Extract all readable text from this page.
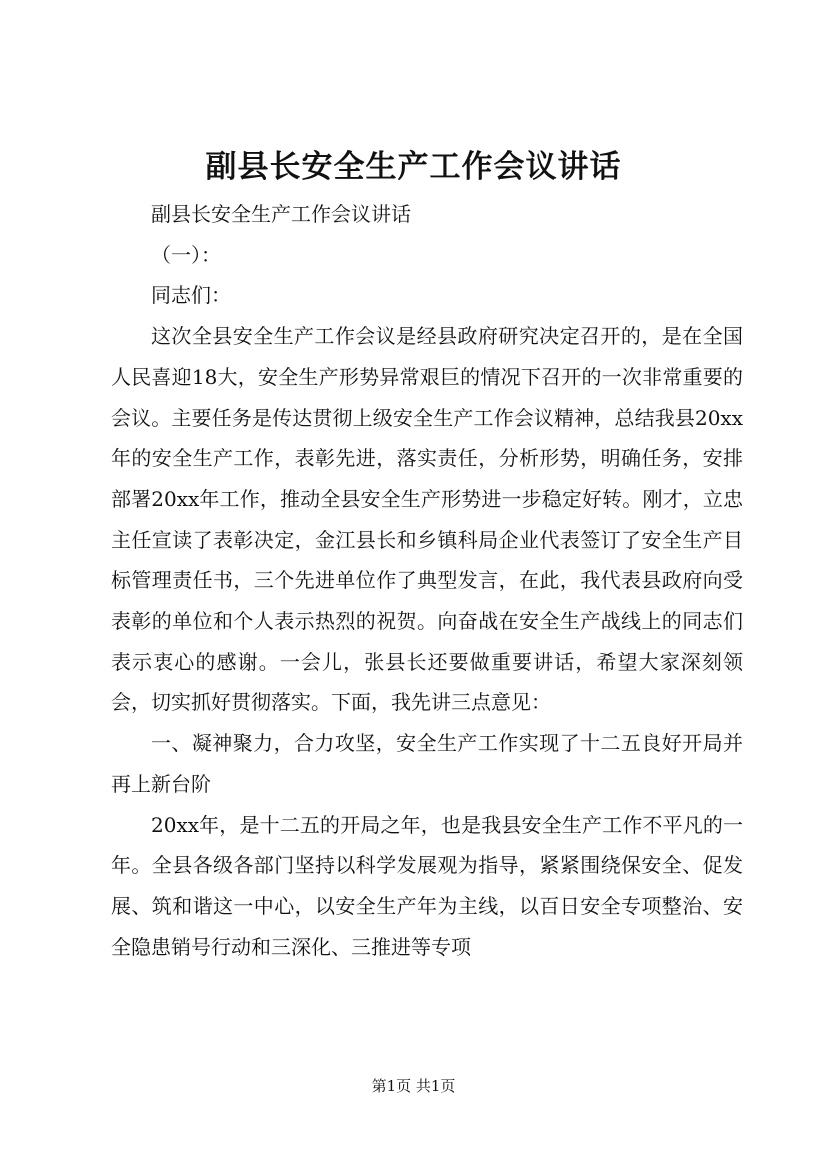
副县长安全生产工作会议讲话

副县长安全生产工作会议讲话

（一）：

同志们：

这次全县安全生产工作会议是经县政府研究决定召开的，是在全国人民喜迎18大，安全生产形势异常艰巨的情况下召开的一次非常重要的会议。主要任务是传达贯彻上级安全生产工作会议精神，总结我县20xx年的安全生产工作，表彰先进，落实责任，分析形势，明确任务，安排部署20xx年工作，推动全县安全生产形势进一步稳定好转。刚才，立忠主任宣读了表彰决定，金江县长和乡镇科局企业代表签订了安全生产目标管理责任书，三个先进单位作了典型发言，在此，我代表县政府向受表彰的单位和个人表示热烈的祝贺。向奋战在安全生产战线上的同志们表示衷心的感谢。一会儿，张县长还要做重要讲话，希望大家深刻领会，切实抓好贯彻落实。下面，我先讲三点意见：

一、凝神聚力，合力攻坚，安全生产工作实现了十二五良好开局并再上新台阶

20xx年，是十二五的开局之年，也是我县安全生产工作不平凡的一年。全县各级各部门坚持以科学发展观为指导，紧紧围绕保安全、促发展、筑和谐这一中心，以安全生产年为主线，以百日安全专项整治、安全隐患销号行动和三深化、三推进等专项

第1页 共1页
